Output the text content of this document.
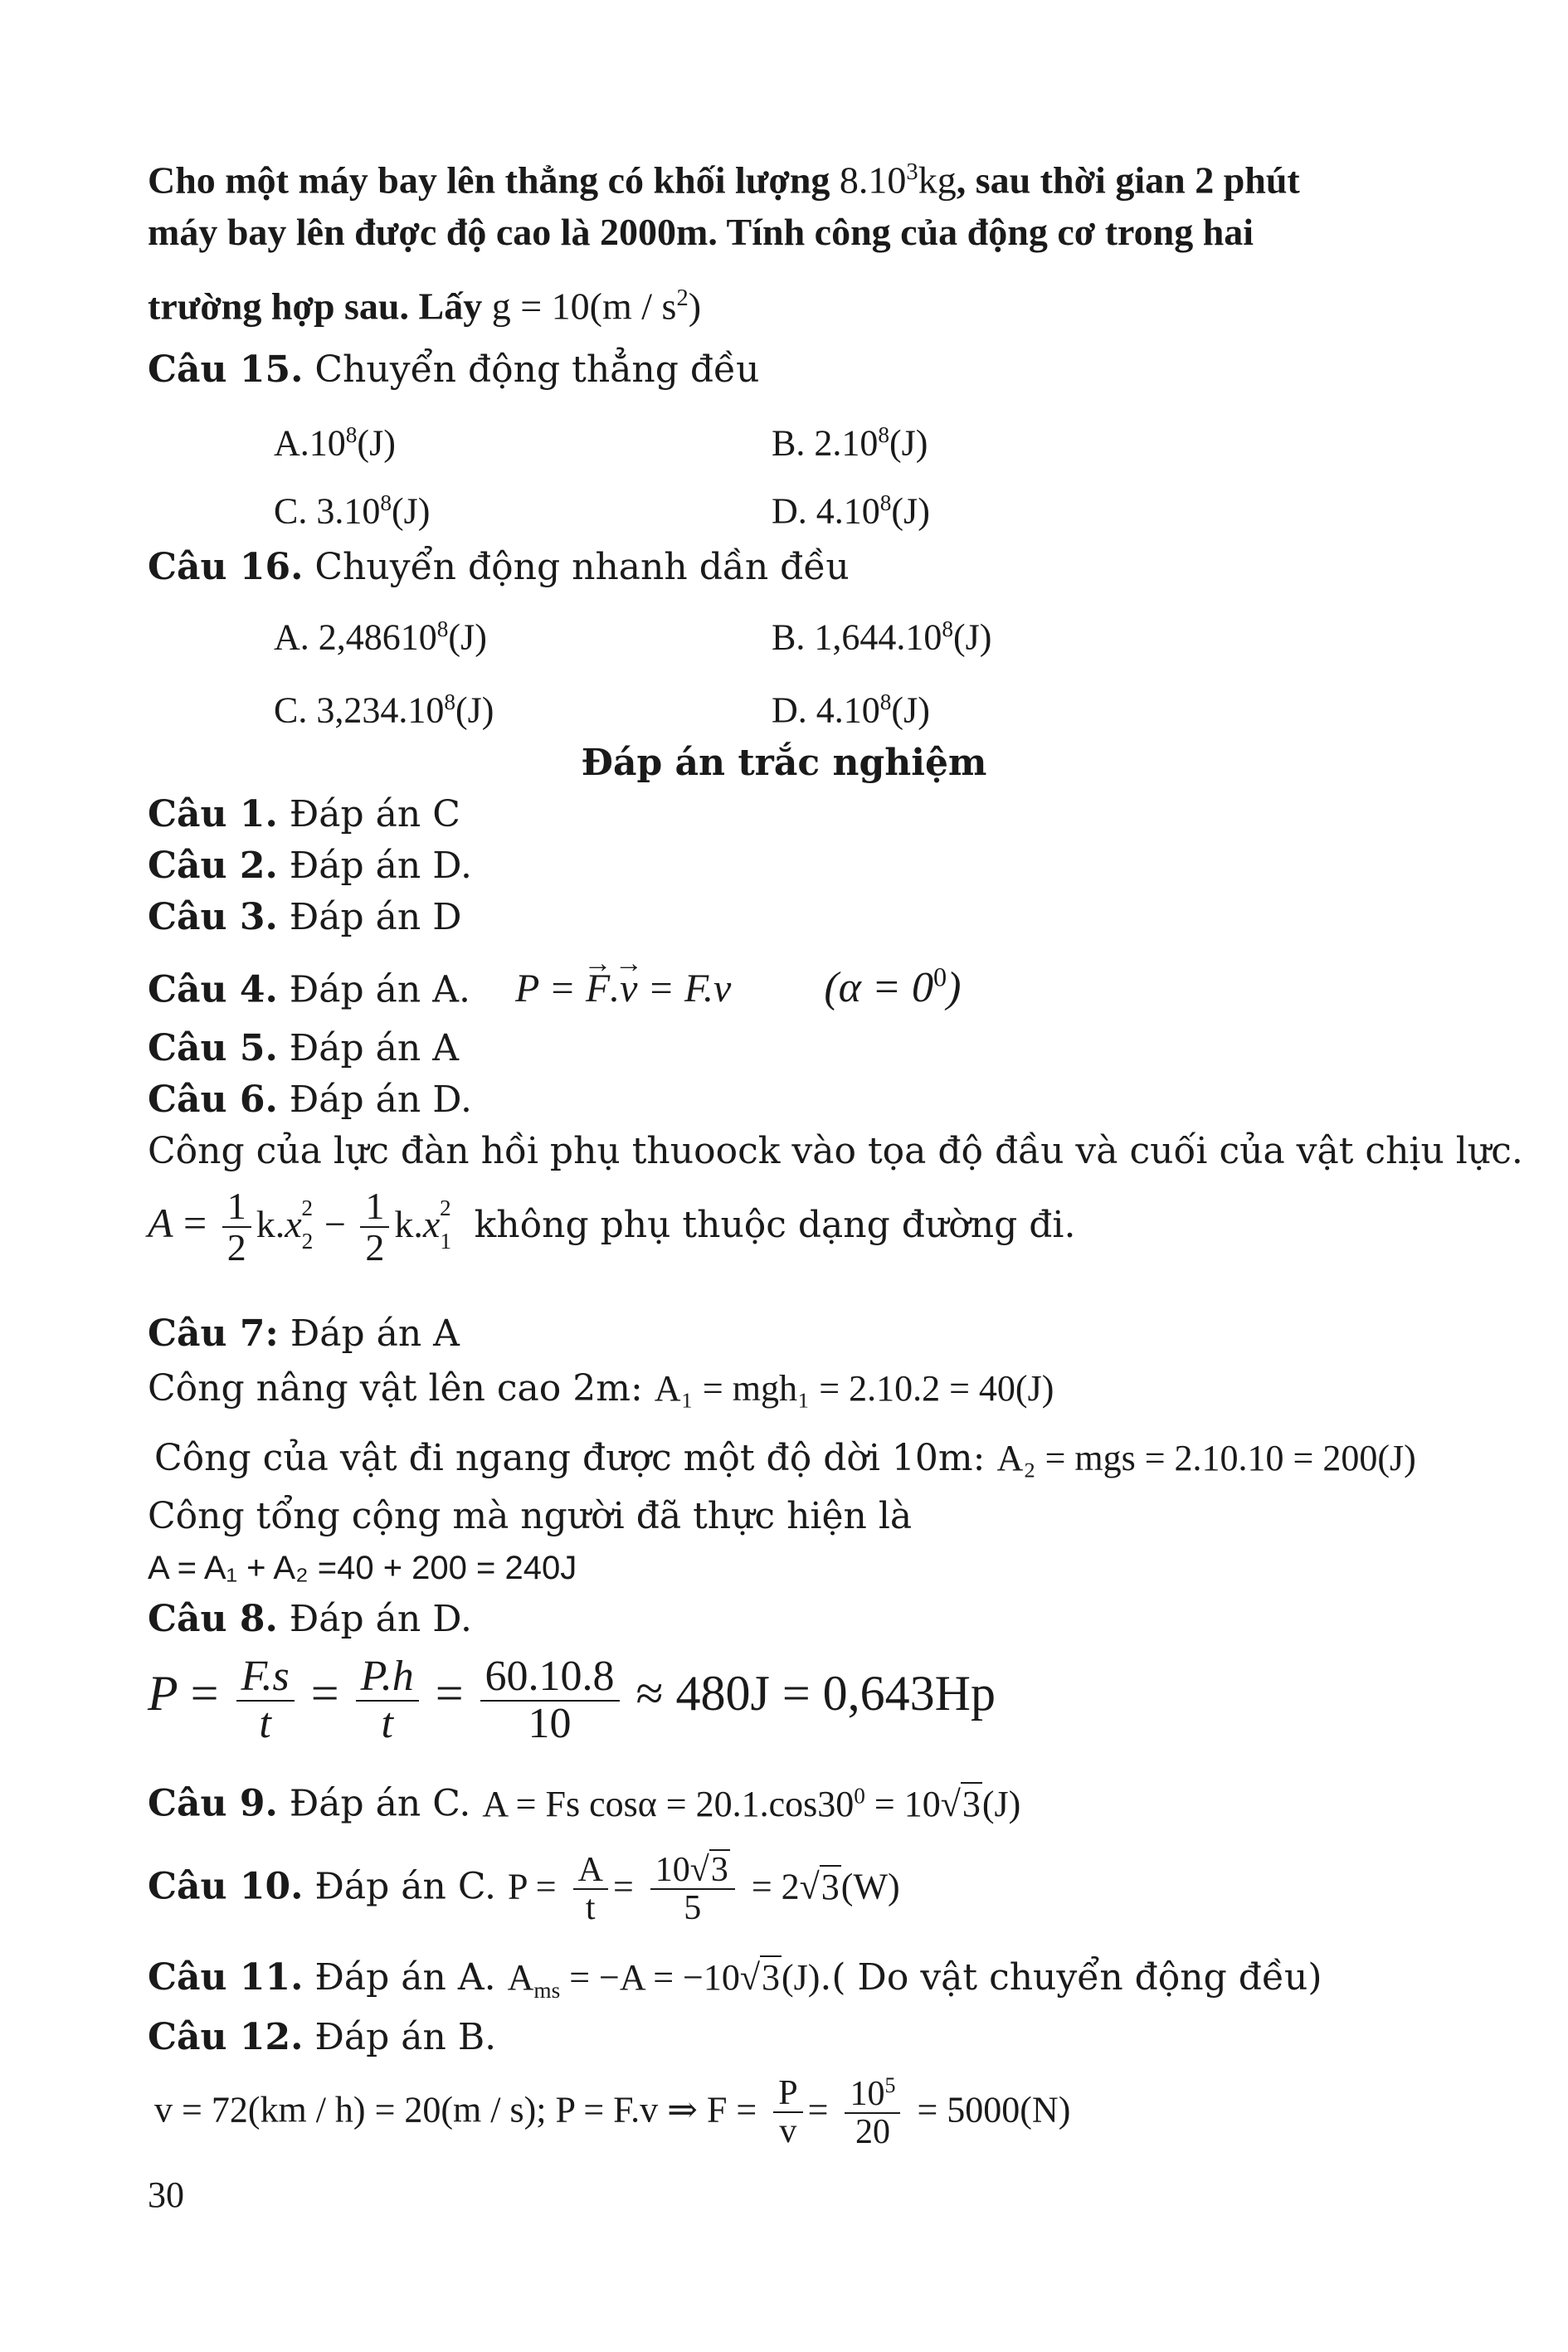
Cho một máy bay lên thẳng có khối lượng 8.10$^3$kg, sau thời gian 2 phút
máy bay lên được độ cao là 2000m. Tính công của động cơ trong hai
trường hợp sau. Lấy $g = 10(m / s^2)$
Câu 15. Chuyển động thẳng đều
$A.10^8(J)$	B. 2.10$^8$(J)
C. 3.10$^8$(J)	D. 4.10$^8$(J)
Câu 16. Chuyển động nhanh dần đều
A. 2,48610$^8$(J)	B. 1,644.10$^8$(J)
C. 3,234.10$^8$(J)	D. 4.10$^8$(J)
Đáp án trắc nghiệm
Câu 1. Đáp án C
Câu 2. Đáp án D.
Câu 3. Đáp án D
Câu 4. Đáp án A. P = → F.→ v = F.v $(\alpha = 0^0)$
Câu 5. Đáp án A
Câu 6. Đáp án D.
Công của lực đàn hồi phụ thuoock vào tọa độ đầu và cuối của vật chịu lực.
$A = \frac{1}{2} k.x_2^2 - \frac{1}{2} k.x_1^2$ không phụ thuộc dạng đường đi.
Câu 7: Đáp án A
Công nâng vật lên cao 2m: A₁ = mgh₁ = 2.10.2 = 40(J)
Công của vật đi ngang được một độ dời 10m: A₂ = mgs = 2.10.10 = 200(J)
Công tổng cộng mà người đã thực hiện là
A = A₁ + A₂ =40 + 200 = 240J
Câu 8. Đáp án D.
$P = \frac{F.s}{t} = \frac{P.h}{t} = \frac{60.10.8}{10} \approx 480J = 0,643Hp$
Câu 9. Đáp án C. A = Fs $\cos\alpha = 20.1.\cos 30^0 = 10√3(J)$
Câu 10. Đáp án C. $P = \frac{A}{t} = \frac{10√3}{5} = 2√3(W)$
Câu 11. Đáp án A. $A_{ms} = -A = -10√3(J)$.( Do vật chuyển động đều)
Câu 12. Đáp án B.
v = 72(km / h) = 20(m / s); P = F.v ⇒ $F = \frac{P}{v} = \frac{10^5}{20} = 5000(N)$
30
